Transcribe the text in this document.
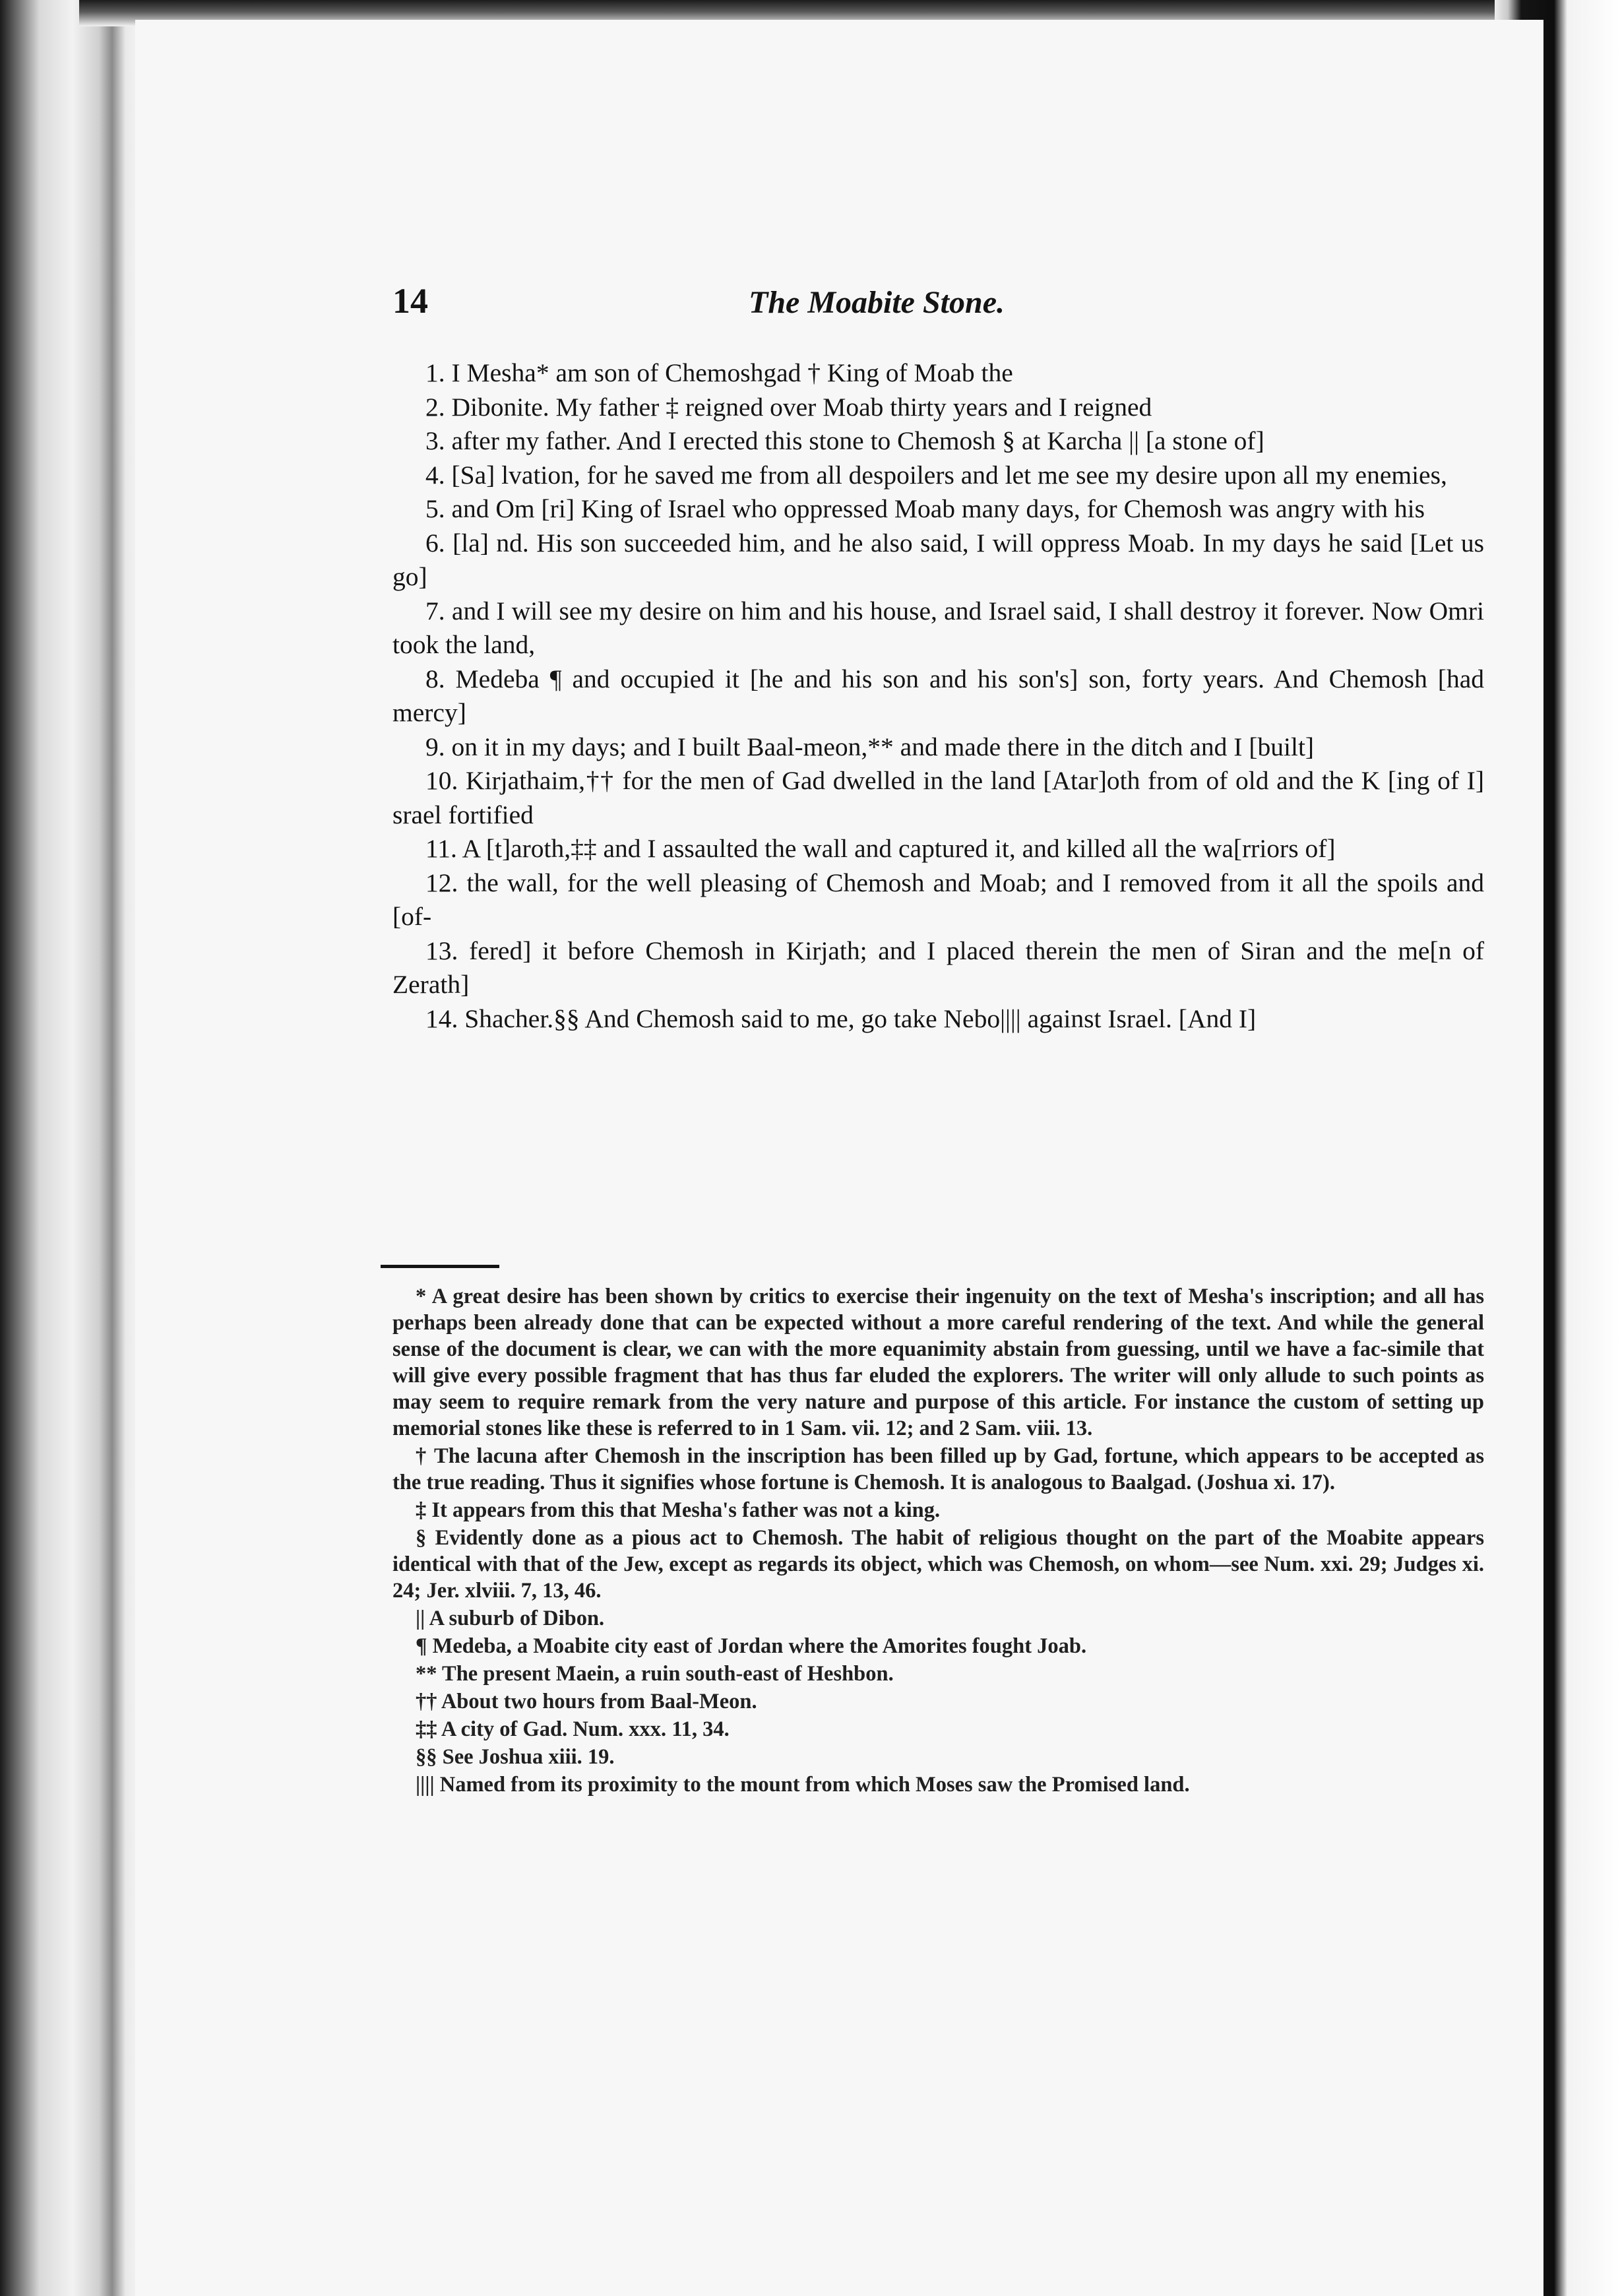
14	The Moabite Stone.

1. I Mesha* am son of Chemoshgad † King of Moab the

2. Dibonite. My father ‡ reigned over Moab thirty years and I reigned

3. after my father. And I erected this stone to Chemosh § at Karcha || [a stone of]

4. [Sa] lvation, for he saved me from all despoilers and let me see my desire upon all my enemies,

5. and Om [ri] King of Israel who oppressed Moab many days, for Chemosh was angry with his

6. [la] nd. His son succeeded him, and he also said, I will oppress Moab. In my days he said [Let us go]

7. and I will see my desire on him and his house, and Israel said, I shall destroy it forever. Now Omri took the land,

8. Medeba ¶ and occupied it [he and his son and his son's] son, forty years. And Chemosh [had mercy]

9. on it in my days; and I built Baal-meon,** and made there in the ditch and I [built]

10. Kirjathaim,†† for the men of Gad dwelled in the land [Atar]oth from of old and the K [ing of I] srael fortified

11. A [t]aroth,‡‡ and I assaulted the wall and captured it, and killed all the wa[rriors of]

12. the wall, for the well pleasing of Chemosh and Moab; and I removed from it all the spoils and [of-

13. fered] it before Chemosh in Kirjath; and I placed therein the men of Siran and the me[n of Zerath]

14. Shacher.§§ And Chemosh said to me, go take Nebo|||| against Israel. [And I]

* A great desire has been shown by critics to exercise their ingenuity on the text of Mesha's inscription; and all has perhaps been already done that can be expected without a more careful rendering of the text. And while the general sense of the document is clear, we can with the more equanimity abstain from guessing, until we have a fac-simile that will give every possible fragment that has thus far eluded the explorers. The writer will only allude to such points as may seem to require remark from the very nature and purpose of this article. For instance the custom of setting up memorial stones like these is referred to in 1 Sam. vii. 12; and 2 Sam. viii. 13.

† The lacuna after Chemosh in the inscription has been filled up by Gad, fortune, which appears to be accepted as the true reading. Thus it signifies whose fortune is Chemosh. It is analogous to Baalgad. (Joshua xi. 17).

‡ It appears from this that Mesha's father was not a king.

§ Evidently done as a pious act to Chemosh. The habit of religious thought on the part of the Moabite appears identical with that of the Jew, except as regards its object, which was Chemosh, on whom—see Num. xxi. 29; Judges xi. 24; Jer. xlviii. 7, 13, 46.

|| A suburb of Dibon.

¶ Medeba, a Moabite city east of Jordan where the Amorites fought Joab.

** The present Maein, a ruin south-east of Heshbon.

†† About two hours from Baal-Meon.

‡‡ A city of Gad. Num. xxx. 11, 34.

§§ See Joshua xiii. 19.

|||| Named from its proximity to the mount from which Moses saw the Promised land.
